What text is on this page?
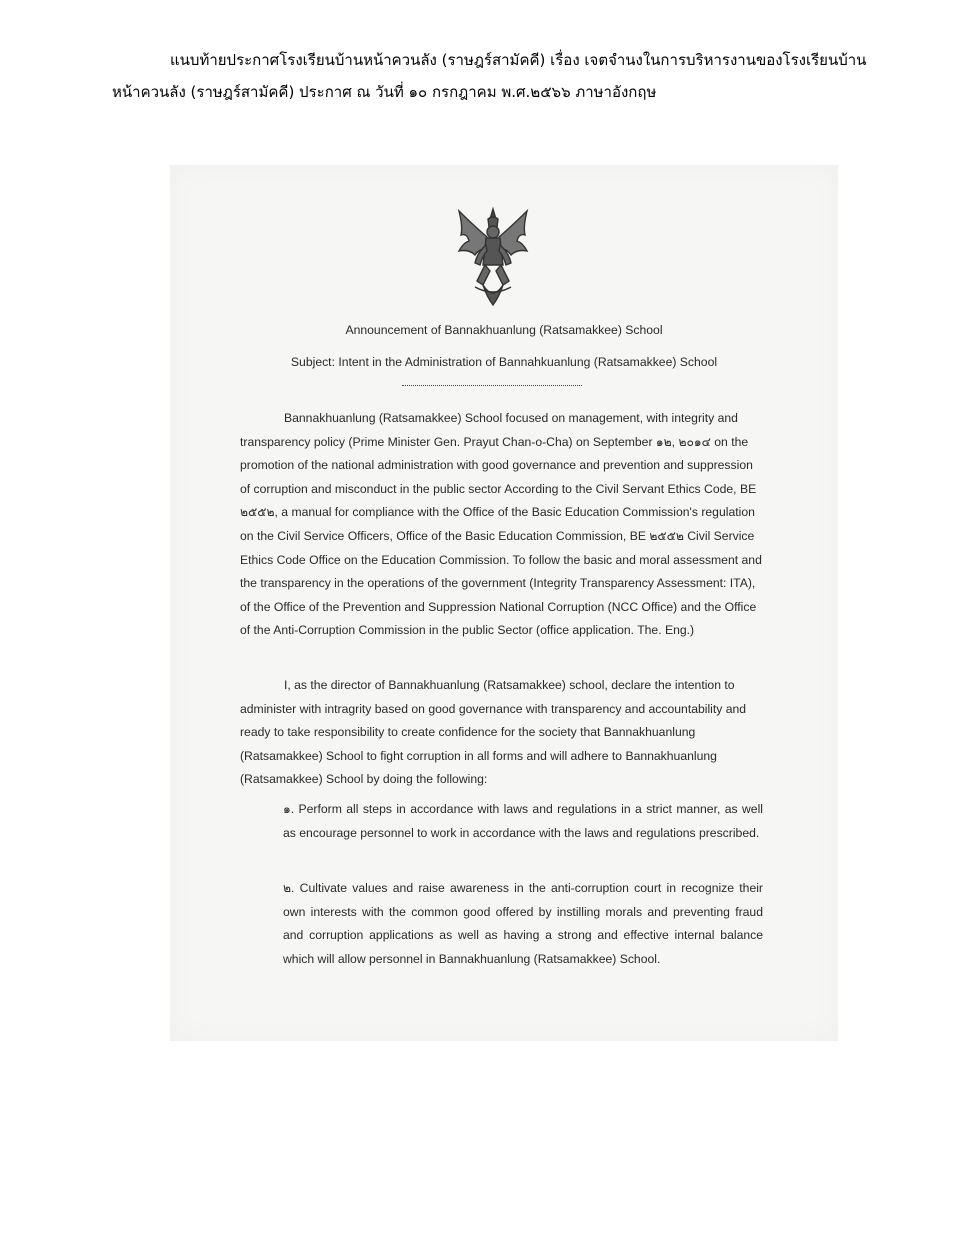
แนบท้ายประกาศโรงเรียนบ้านหน้าควนลัง (ราษฎร์สามัคคี) เรื่อง เจตจำนงในการบริหารงานของโรงเรียนบ้าน
หน้าควนลัง (ราษฎร์สามัคคี) ประกาศ ณ วันที่ ๑๐ กรกฎาคม พ.ศ.๒๕๖๖ ภาษาอังกฤษ
Announcement of Bannakhuanlung (Ratsamakkee) School
Subject: Intent in the Administration of Bannahkuanlung (Ratsamakkee) School

Bannakhuanlung (Ratsamakkee) School focused on management, with integrity and transparency policy (Prime Minister Gen. Prayut Chan-o-Cha) on September ๑๒, ๒๐๑๔ on the promotion of the national administration with good governance and prevention and suppression of corruption and misconduct in the public sector According to the Civil Servant Ethics Code, BE ๒๕๕๒, a manual for compliance with the Office of the Basic Education Commission's regulation on the Civil Service Officers, Office of the Basic Education Commission, BE ๒๕๕๒ Civil Service Ethics Code Office on the Education Commission. To follow the basic and moral assessment and the transparency in the operations of the government (Integrity Transparency Assessment: ITA), of the Office of the Prevention and Suppression National Corruption (NCC Office) and the Office of the Anti-Corruption Commission in the public Sector (office application. The. Eng.)

I, as the director of Bannakhuanlung (Ratsamakkee) school, declare the intention to administer with intragrity based on good governance with transparency and accountability and ready to take responsibility to create confidence for the society that Bannakhuanlung (Ratsamakkee) School to fight corruption in all forms and will adhere to Bannakhuanlung (Ratsamakkee) School by doing the following:

๑. Perform all steps in accordance with laws and regulations in a strict manner, as well as encourage personnel to work in accordance with the laws and regulations prescribed.
๒. Cultivate values and raise awareness in the anti-corruption court in recognize their own interests with the common good offered by instilling morals and preventing fraud and corruption applications as well as having a strong and effective internal balance which will allow personnel in Bannakhuanlung (Ratsamakkee) School.
